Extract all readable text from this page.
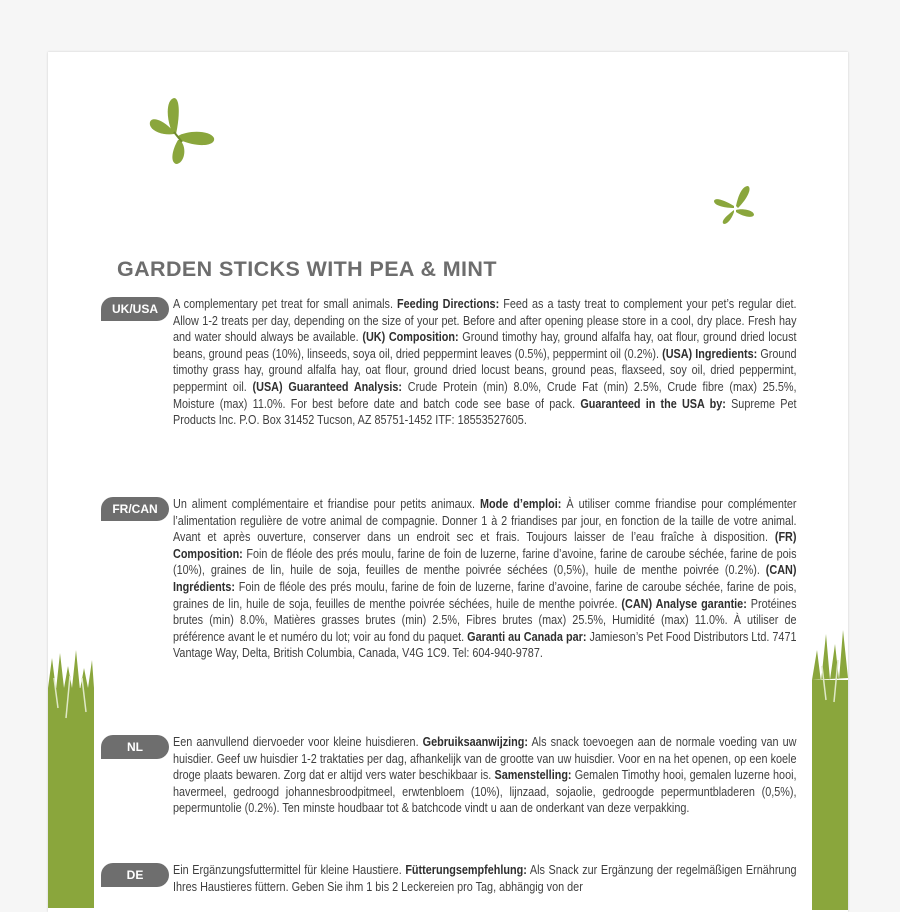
GARDEN STICKS WITH PEA & MINT
UK/USA	A complementary pet treat for small animals. Feeding Directions: Feed as a tasty treat to complement your pet’s regular diet. Allow 1-2 treats per day, depending on the size of your pet. Before and after opening please store in a cool, dry place. Fresh hay and water should always be available. (UK) Composition: Ground timothy hay, ground alfalfa hay, oat flour, ground dried locust beans, ground peas (10%), linseeds, soya oil, dried peppermint leaves (0.5%), peppermint oil (0.2%). (USA) Ingredients: Ground timothy grass hay, ground alfalfa hay, oat flour, ground dried locust beans, ground peas, flaxseed, soy oil, dried peppermint, peppermint oil. (USA) Guaranteed Analysis: Crude Protein (min) 8.0%, Crude Fat (min) 2.5%, Crude fibre (max) 25.5%, Moisture (max) 11.0%. For best before date and batch code see base of pack. Guaranteed in the USA by: Supreme Pet Products Inc. P.O. Box 31452 Tucson, AZ 85751-1452 ITF: 18553527605.
FR/CAN	Un aliment complémentaire et friandise pour petits animaux. Mode d’emploi: À utiliser comme friandise pour complémenter l’alimentation regulière de votre animal de compagnie. Donner 1 à 2 friandises par jour, en fonction de la taille de votre animal. Avant et après ouverture, conserver dans un endroit sec et frais. Toujours laisser de l’eau fraîche à disposition. (FR) Composition: Foin de fléole des prés moulu, farine de foin de luzerne, farine d’avoine, farine de caroube séchée, farine de pois (10%), graines de lin, huile de soja, feuilles de menthe poivrée séchées (0,5%), huile de menthe poivrée (0.2%). (CAN) Ingrédients: Foin de fléole des prés moulu, farine de foin de luzerne, farine d’avoine, farine de caroube séchée, farine de pois, graines de lin, huile de soja, feuilles de menthe poivrée séchées, huile de menthe poivrée. (CAN) Analyse garantie: Protéines brutes (min) 8.0%, Matières grasses brutes (min) 2.5%, Fibres brutes (max) 25.5%, Humidité (max) 11.0%. À utiliser de préférence avant le et numéro du lot; voir au fond du paquet. Garanti au Canada par: Jamieson’s Pet Food Distributors Ltd. 7471 Vantage Way, Delta, British Columbia, Canada, V4G 1C9. Tel: 604-940-9787.
NL	Een aanvullend diervoeder voor kleine huisdieren. Gebruiksaanwijzing: Als snack toevoegen aan de normale voeding van uw huisdier. Geef uw huisdier 1-2 traktaties per dag, afhankelijk van de grootte van uw huisdier. Voor en na het openen, op een koele droge plaats bewaren. Zorg dat er altijd vers water beschikbaar is. Samenstelling: Gemalen Timothy hooi, gemalen luzerne hooi, havermeel, gedroogd johannesbroodpitmeel, erwtenbloem (10%), lijnzaad, sojaolie, gedroogde pepermuntbladeren (0,5%), pepermuntolie (0.2%). Ten minste houdbaar tot & batchcode vindt u aan de onderkant van deze verpakking.
DE	Ein Ergänzungsfuttermittel für kleine Haustiere. Fütterungsempfehlung: Als Snack zur Ergänzung der regelmäßigen Ernährung Ihres Haustieres füttern. Geben Sie ihm 1 bis 2 Leckereien pro Tag, abhängig von der
